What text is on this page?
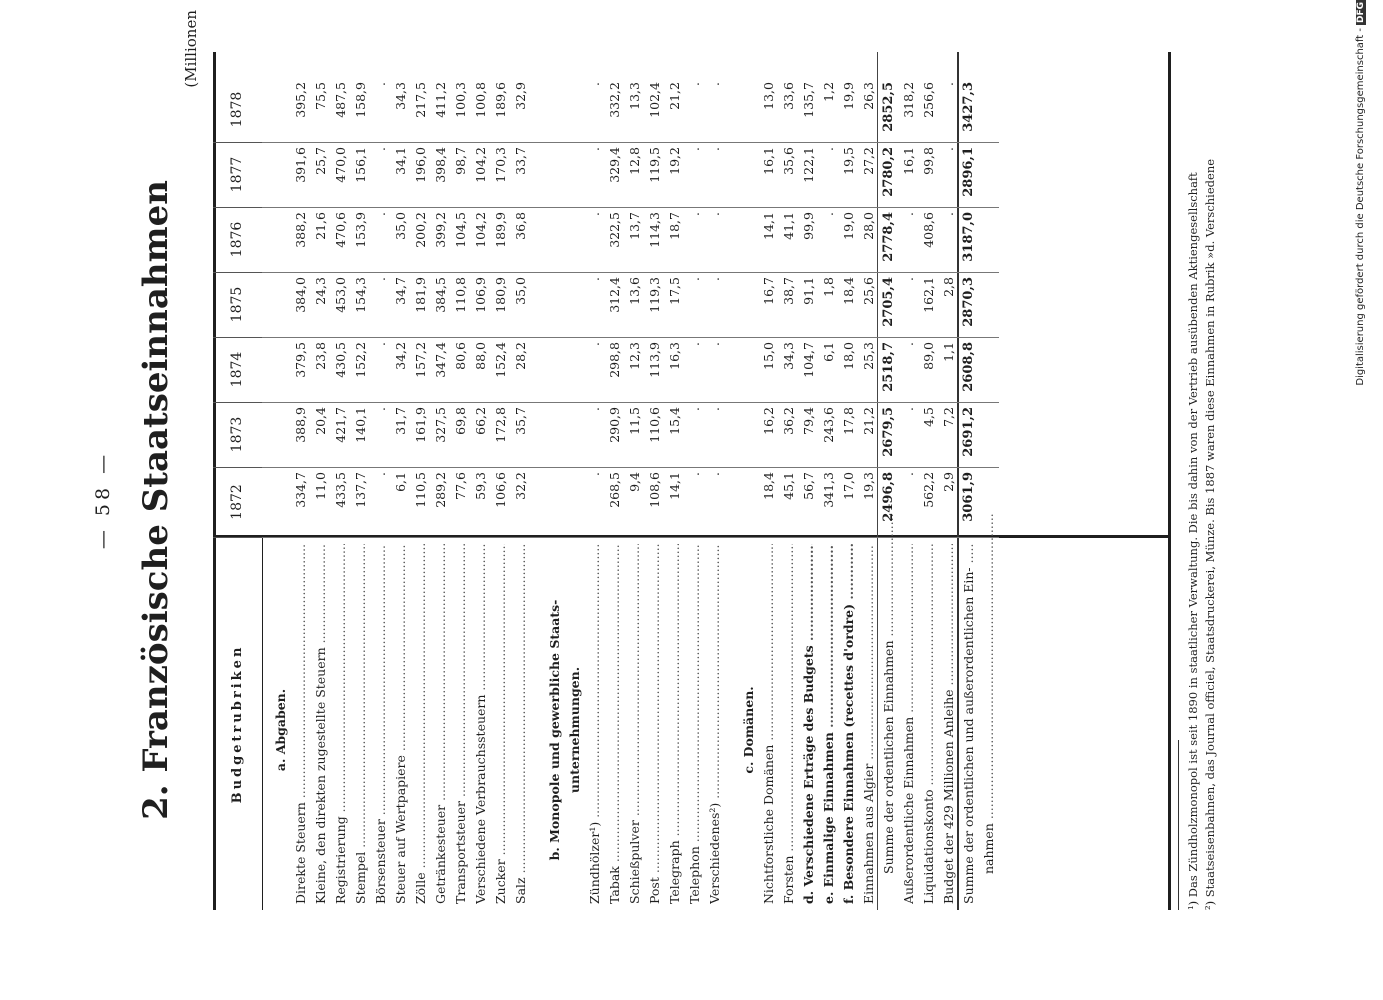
— 58 — 2. Französische Staatseinnahmen
(Millionen
Budgetrubriken
1872
1873
1874
1875
1876
1877
1878
a. Abgaben.
Direkte Steuern .....
334,7
388,9
379,5
384,0
388,2
391,6
395,2
Kleine, den direkten zugestellte Steuern .....
11,0
20,4
23,8
24,3
21,6
25,7
75,5
Registrierung .....
433,5
421,7
430,5
453,0
470,6
470,0
487,5
Stempel .....
137,7
140,1
152,2
154,3
153,9
156,1
158,9
Börsensteuer .....
.
.
.
.
.
.
.
Steuer auf Wertpapiere .....
6,1
31,7
34,2
34,7
35,0
34,1
34,3
Zölle .....
110,5
161,9
157,2
181,9
200,2
196,0
217,5
Getränkesteuer .....
289,2
327,5
347,4
384,5
399,2
398,4
411,2
Transportsteuer .....
77,6
69,8
80,6
110,8
104,5
98,7
100,3
Verschiedene Verbrauchssteuern .....
59,3
66,2
88,0
106,9
104,2
104,2
100,8
Zucker .....
106,6
172,8
152,4
180,9
189,9
170,3
189,6
Salz .....
32,2
35,7
28,2
35,0
36,8
33,7
32,9
b. Monopole und gewerbliche Staats- unternehmungen.
Zündhölzer¹) .....
.
.
.
.
.
.
.
Tabak .....
268,5
290,9
298,8
312,4
322,5
329,4
332,2
Schießpulver .....
9,4
11,5
12,3
13,6
13,7
12,8
13,3
Post .....
108,6
110,6
113,9
119,3
114,3
119,5
102,4
Telegraph .....
14,1
15,4
16,3
17,5
18,7
19,2
21,2
Telephon .....
.
.
.
.
.
.
.
Verschiedenes²) .....
.
.
.
.
.
.
.
c. Domänen.
Nichtforstliche Domänen .....
18,4
16,2
15,0
16,7
14,1
16,1
13,0
Forsten .....
45,1
36,2
34,3
38,7
41,1
35,6
33,6
d. Verschiedene Erträge des Budgets .....
56,7
79,4
104,7
91,1
99,9
122,1
135,7
e. Einmalige Einnahmen .....
341,3
243,6
6,1
1,8
.
.
1,2
f. Besondere Einnahmen (recettes d'ordre) .....
17,0
17,8
18,0
18,4
19,0
19,5
19,9
Einnahmen aus Algier .....
19,3
21,2
25,3
25,6
28,0
27,2
26,3
Summe der ordentlichen Einnahmen .....
2496,8
2679,5
2518,7
2705,4
2778,4
2780,2
2852,5
Außerordentliche Einnahmen .....
.
.
.
.
.
16,1
318,2
Liquidationskonto .....
562,2
4,5
89,0
162,1
408,6
99,8
256,6
Budget der 429 Millionen Anleihe .....
2,9
7,2
1,1
2,8
.
.
.
Summe der ordentlichen und außerordentlichen Ein- .....
3061,9
2691,2
2608,8
2870,3
3187,0
2896,1
3427,3
nahmen .....	¹) Das Zündholzmonopol ist seit 1890 in staatlicher Verwaltung. Die bis dahin von der Vertrieb ausübenden Aktiengesellschaft ²) Staatseisenbahnen, das Journal officiel, Staatsdruckerei, Münze. Bis 1887 waren diese Einnahmen in Rubrik »d. Verschiedene	Digitalisierung gefördert durch die Deutsche Forschungsgemeinschaft -DFG
